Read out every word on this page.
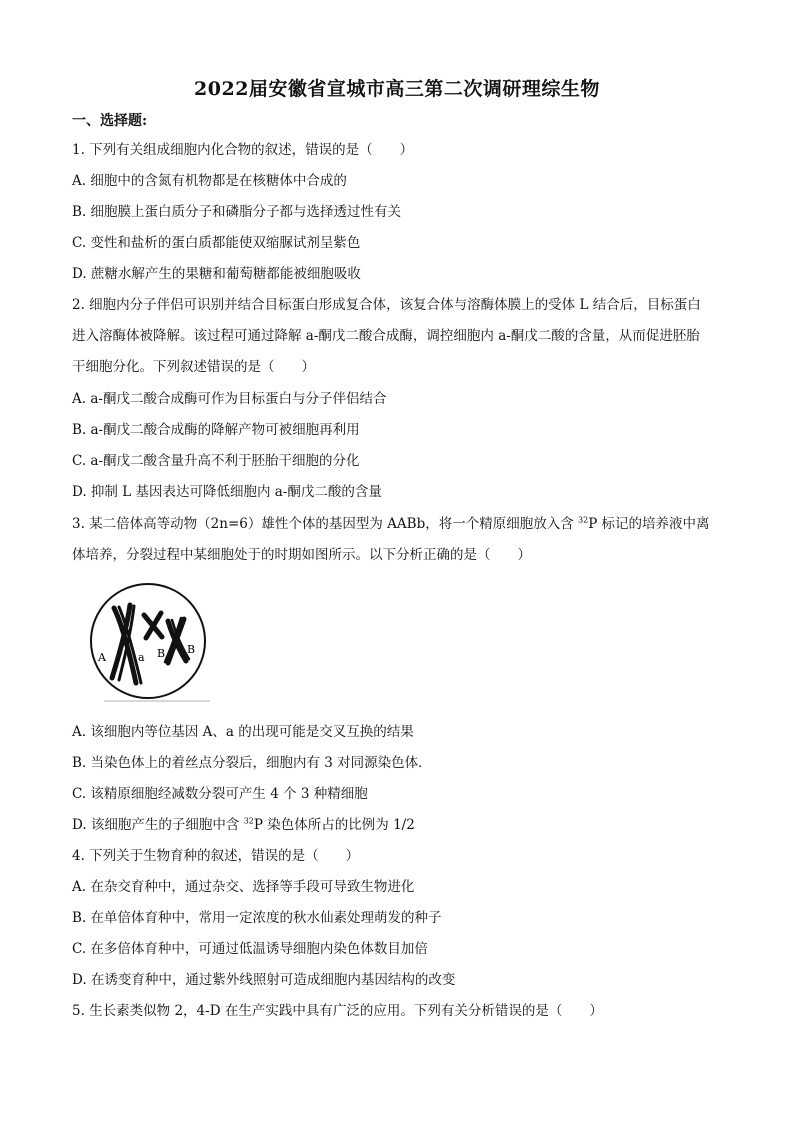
2022届安徽省宣城市高三第二次调研理综生物
一、选择题:
1. 下列有关组成细胞内化合物的叙述，错误的是（　　）
A. 细胞中的含氮有机物都是在核糖体中合成的
B. 细胞膜上蛋白质分子和磷脂分子都与选择透过性有关
C. 变性和盐析的蛋白质都能使双缩脲试剂呈紫色
D. 蔗糖水解产生的果糖和葡萄糖都能被细胞吸收
2. 细胞内分子伴侣可识别并结合目标蛋白形成复合体，该复合体与溶酶体膜上的受体 L 结合后，目标蛋白
进入溶酶体被降解。该过程可通过降解 a-酮戊二酸合成酶，调控细胞内 a-酮戊二酸的含量，从而促进胚胎
干细胞分化。下列叙述错误的是（　　）
A. a-酮戊二酸合成酶可作为目标蛋白与分子伴侣结合
B. a-酮戊二酸合成酶的降解产物可被细胞再利用
C. a-酮戊二酸含量升高不利于胚胎干细胞的分化
D. 抑制 L 基因表达可降低细胞内 a-酮戊二酸的含量
3. 某二倍体高等动物（2n=6）雄性个体的基因型为 AABb，将一个精原细胞放入含 $^{32}$P 标记的培养液中离
体培养，分裂过程中某细胞处于的时期如图所示。以下分析正确的是（　　）
A	a B B
A. 该细胞内等位基因 A、a 的出现可能是交叉互换的结果
B. 当染色体上的着丝点分裂后，细胞内有 3 对同源染色体．
C. 该精原细胞经减数分裂可产生 4 个 3 种精细胞
D. 该细胞产生的子细胞中含 $^{32}$P 染色体所占的比例为 1/2
4. 下列关于生物育种的叙述，错误的是（　　）
A. 在杂交育种中，通过杂交、选择等手段可导致生物进化
B. 在单倍体育种中，常用一定浓度的秋水仙素处理萌发的种子
C. 在多倍体育种中，可通过低温诱导细胞内染色体数目加倍
D. 在诱变育种中，通过紫外线照射可造成细胞内基因结构的改变
5. 生长素类似物 2，4-D 在生产实践中具有广泛的应用。下列有关分析错误的是（　　）
